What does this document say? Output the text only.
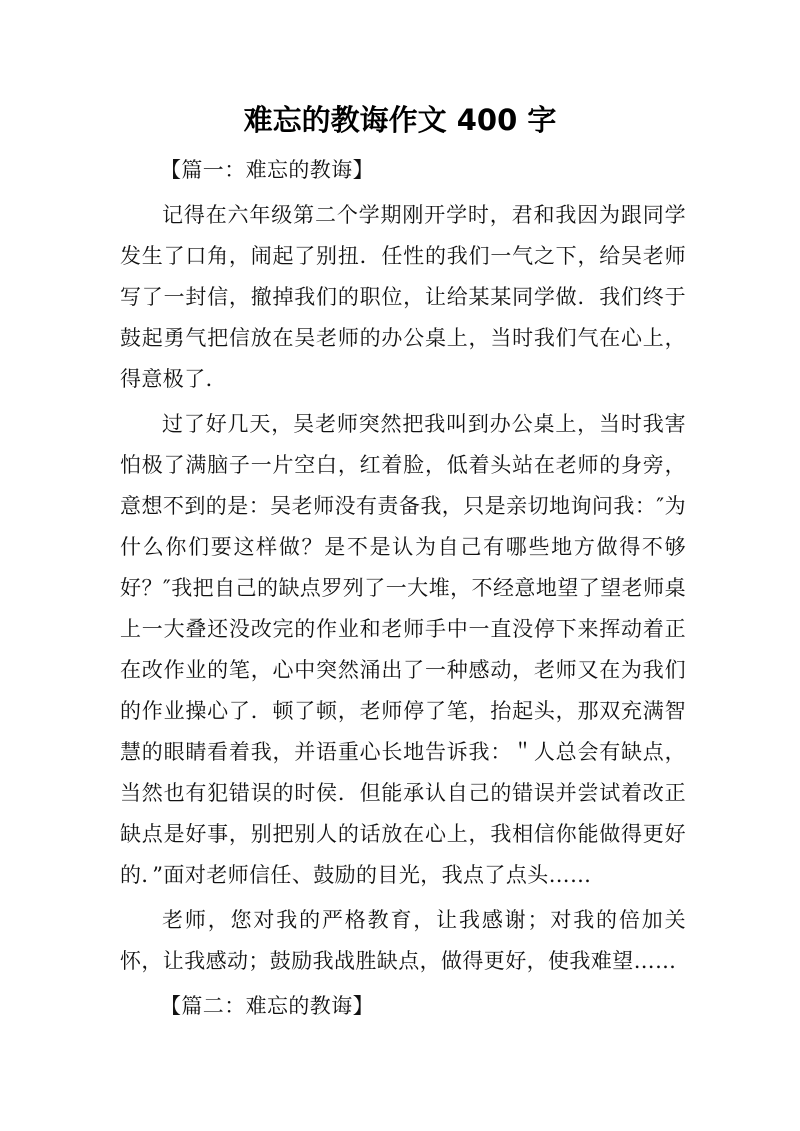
难忘的教诲作文 400 字
【篇一：难忘的教诲】

记得在六年级第二个学期刚开学时，君和我因为跟同学发生了口角，闹起了别扭．任性的我们一气之下，给吴老师写了一封信，撤掉我们的职位，让给某某同学做．我们终于鼓起勇气把信放在吴老师的办公桌上，当时我们气在心上，得意极了．

过了好几天，吴老师突然把我叫到办公桌上，当时我害怕极了满脑子一片空白，红着脸，低着头站在老师的身旁，意想不到的是：吴老师没有责备我，只是亲切地询问我：″为什么你们要这样做？是不是认为自己有哪些地方做得不够好？″我把自己的缺点罗列了一大堆，不经意地望了望老师桌上一大叠还没改完的作业和老师手中一直没停下来挥动着正在改作业的笔，心中突然涌出了一种感动，老师又在为我们的作业操心了．顿了顿，老师停了笔，抬起头，那双充满智慧的眼睛看着我，并语重心长地告诉我：＂人总会有缺点，当然也有犯错误的时侯．但能承认自己的错误并尝试着改正缺点是好事，别把别人的话放在心上，我相信你能做得更好的．”面对老师信任、鼓励的目光，我点了点头……

老师，您对我的严格教育，让我感谢；对我的倍加关怀，让我感动；鼓励我战胜缺点，做得更好，使我难望……

【篇二：难忘的教诲】
